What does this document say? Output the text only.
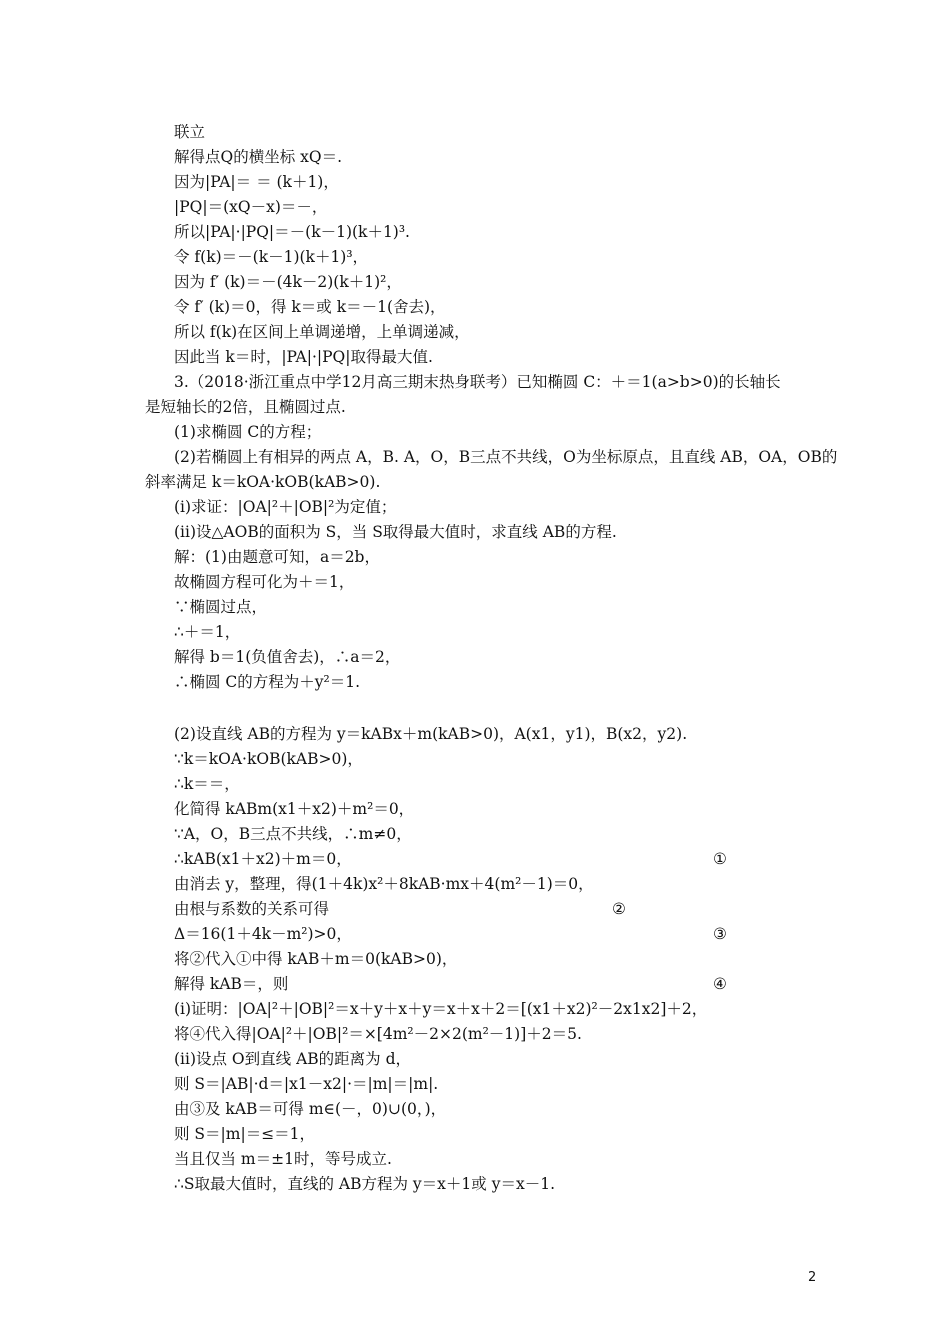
联立
解得点Q的横坐标 xQ＝.
因为|PA|＝ ＝ (k＋1)，
|PQ|＝(xQ－x)＝－，
所以|PA|·|PQ|＝－(k－1)(k＋1)³.
令 f(k)＝－(k－1)(k＋1)³，
因为 f′ (k)＝－(4k－2)(k＋1)²，
令 f′ (k)＝0，得 k＝或 k＝－1(舍去)，
所以 f(k)在区间上单调递增，上单调递减，
因此当 k＝时，|PA|·|PQ|取得最大值.
3.（2018·浙江重点中学12月高三期末热身联考）已知椭圆 C：＋＝1(a>b>0)的长轴长
是短轴长的2倍，且椭圆过点.
(1)求椭圆 C的方程；
(2)若椭圆上有相异的两点 A，B. A，O，B三点不共线，O为坐标原点，且直线 AB，OA，OB的
斜率满足 k＝kOA·kOB(kAB>0).
(ⅰ)求证：|OA|²＋|OB|²为定值；
(ⅱ)设△AOB的面积为 S，当 S取得最大值时，求直线 AB的方程.
解：(1)由题意可知，a＝2b，
故椭圆方程可化为＋＝1，
∵椭圆过点，
∴＋＝1，
解得 b＝1(负值舍去)，∴a＝2，
∴椭圆 C的方程为＋y²＝1.
(2)设直线 AB的方程为 y＝kABx＋m(kAB>0)，A(x1，y1)，B(x2，y2).
∵k＝kOA·kOB(kAB>0)，
∴k＝＝，
化简得 kABm(x1＋x2)＋m²＝0，
∵A，O，B三点不共线，∴m≠0，
∴kAB(x1＋x2)＋m＝0，
由消去 y，整理，得(1＋4k)x²＋8kAB·mx＋4(m²－1)＝0，
由根与系数的关系可得
Δ＝16(1＋4k－m²)>0，
将②代入①中得 kAB＋m＝0(kAB>0)，
解得 kAB＝，则
(ⅰ)证明：|OA|²＋|OB|²＝x＋y＋x＋y＝x＋x＋2＝[(x1＋x2)²－2x1x2]＋2，
将④代入得|OA|²＋|OB|²＝×[4m²－2×2(m²－1)]＋2＝5.
(ⅱ)设点 O到直线 AB的距离为 d，
则 S＝|AB|·d＝|x1－x2|·＝|m|＝|m|.
由③及 kAB＝可得 m∈(－，0)∪(0，)，
则 S＝|m|＝≤＝1，
当且仅当 m＝±1时，等号成立.
∴S取最大值时，直线的 AB方程为 y＝x＋1或 y＝x－1.
①
②
③
④
2
